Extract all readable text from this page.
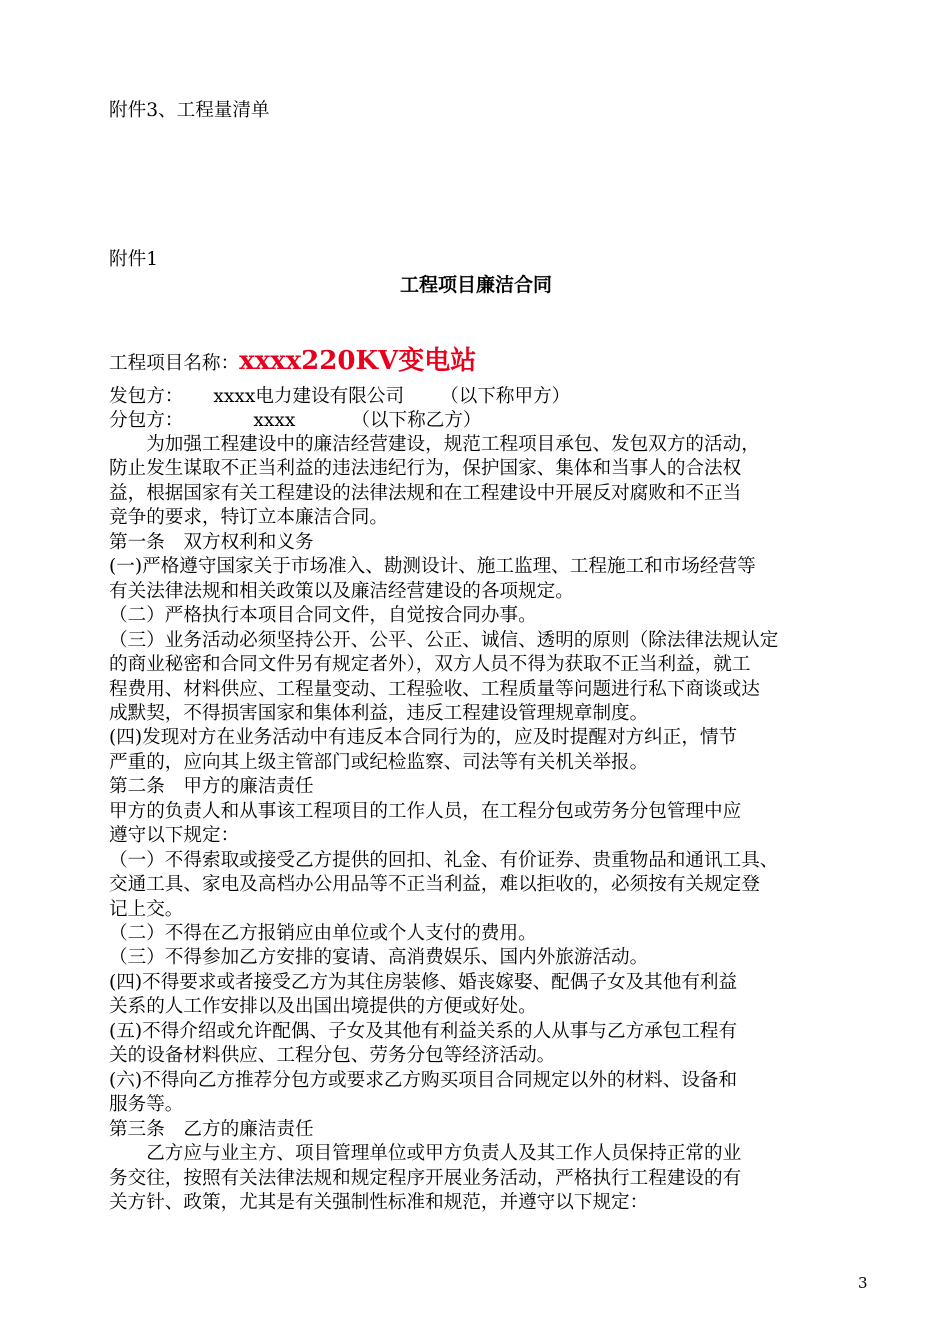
附件3、工程量清单
附件1
工程项目廉洁合同
工程项目名称：xxxx220KV变电站
发包方： xxxx电力建设有限公司 （以下称甲方）
分包方：	xxxx	（以下称乙方）
　　为加强工程建设中的廉洁经营建设，规范工程项目承包、发包双方的活动，
防止发生谋取不正当利益的违法违纪行为，保护国家、集体和当事人的合法权
益，根据国家有关工程建设的法律法规和在工程建设中开展反对腐败和不正当
竞争的要求，特订立本廉洁合同。
第一条　双方权利和义务
(一)严格遵守国家关于市场准入、勘测设计、施工监理、工程施工和市场经营等
有关法律法规和相关政策以及廉洁经营建设的各项规定。
（二）严格执行本项目合同文件，自觉按合同办事。
（三）业务活动必须坚持公开、公平、公正、诚信、透明的原则（除法律法规认定
的商业秘密和合同文件另有规定者外），双方人员不得为获取不正当利益，就工
程费用、材料供应、工程量变动、工程验收、工程质量等问题进行私下商谈或达
成默契，不得损害国家和集体利益，违反工程建设管理规章制度。
(四)发现对方在业务活动中有违反本合同行为的，应及时提醒对方纠正，情节
严重的，应向其上级主管部门或纪检监察、司法等有关机关举报。
第二条　甲方的廉洁责任
甲方的负责人和从事该工程项目的工作人员，在工程分包或劳务分包管理中应
遵守以下规定：
（一）不得索取或接受乙方提供的回扣、礼金、有价证券、贵重物品和通讯工具、
交通工具、家电及高档办公用品等不正当利益，难以拒收的，必须按有关规定登
记上交。
（二）不得在乙方报销应由单位或个人支付的费用。
（三）不得参加乙方安排的宴请、高消费娱乐、国内外旅游活动。
(四)不得要求或者接受乙方为其住房装修、婚丧嫁娶、配偶子女及其他有利益
关系的人工作安排以及出国出境提供的方便或好处。
(五)不得介绍或允许配偶、子女及其他有利益关系的人从事与乙方承包工程有
关的设备材料供应、工程分包、劳务分包等经济活动。
(六)不得向乙方推荐分包方或要求乙方购买项目合同规定以外的材料、设备和
服务等。
第三条　乙方的廉洁责任
　　乙方应与业主方、项目管理单位或甲方负责人及其工作人员保持正常的业
务交往，按照有关法律法规和规定程序开展业务活动，严格执行工程建设的有
关方针、政策，尤其是有关强制性标准和规范，并遵守以下规定：
3
